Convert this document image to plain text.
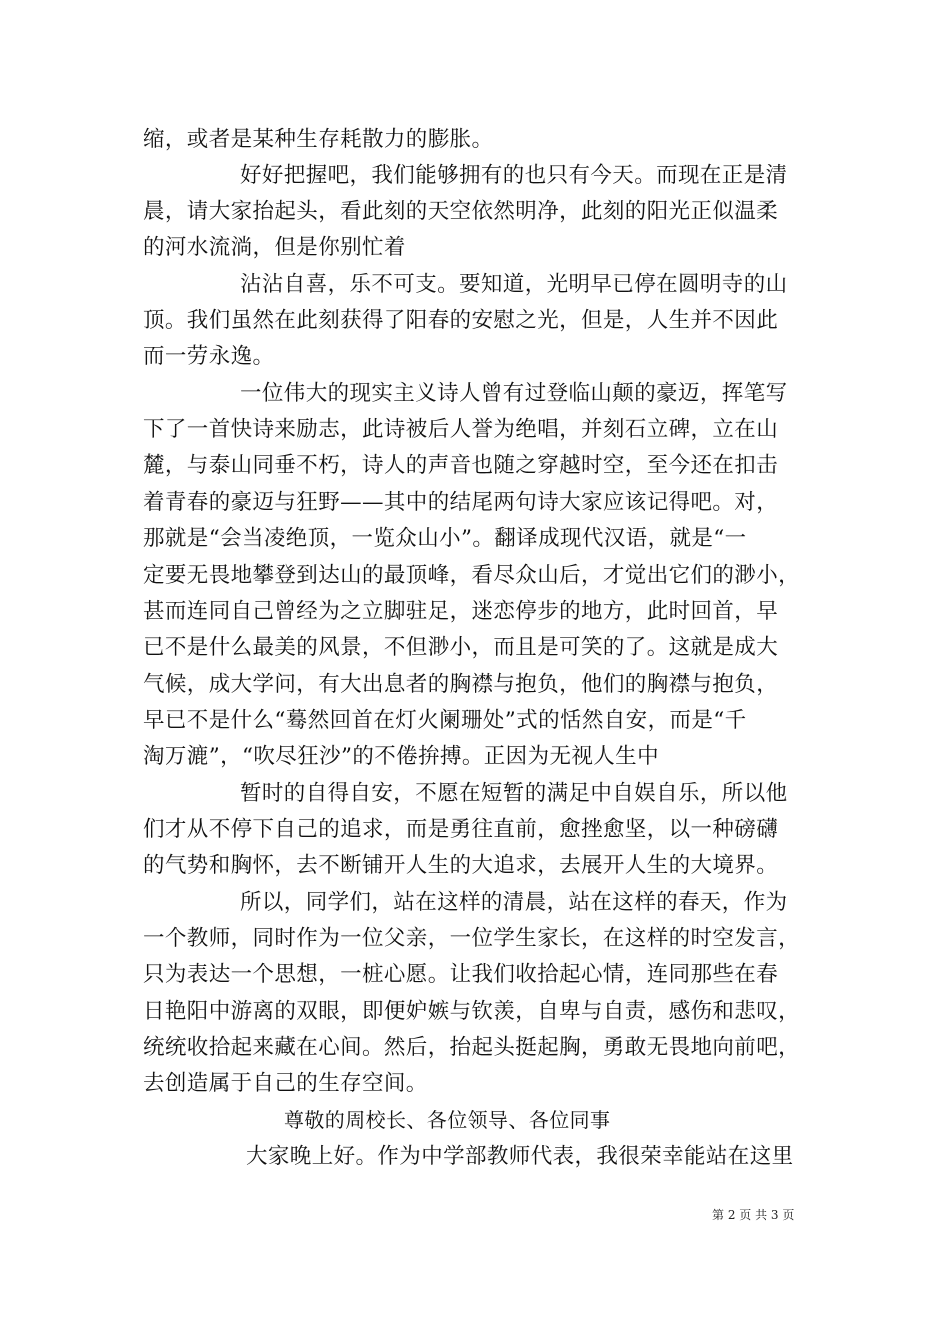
缩，或者是某种生存耗散力的膨胀。
好好把握吧，我们能够拥有的也只有今天。而现在正是清
晨，请大家抬起头，看此刻的天空依然明净，此刻的阳光正似温柔
的河水流淌，但是你别忙着
沾沾自喜，乐不可支。要知道，光明早已停在圆明寺的山
顶。我们虽然在此刻获得了阳春的安慰之光，但是，人生并不因此
而一劳永逸。
一位伟大的现实主义诗人曾有过登临山颠的豪迈，挥笔写
下了一首快诗来励志，此诗被后人誉为绝唱，并刻石立碑，立在山
麓，与泰山同垂不朽，诗人的声音也随之穿越时空，至今还在扣击
着青春的豪迈与狂野——其中的结尾两句诗大家应该记得吧。对，
那就是“会当凌绝顶，一览众山小”。翻译成现代汉语，就是“一
定要无畏地攀登到达山的最顶峰，看尽众山后，才觉出它们的渺小，
甚而连同自己曾经为之立脚驻足，迷恋停步的地方，此时回首，早
已不是什么最美的风景，不但渺小，而且是可笑的了。这就是成大
气候，成大学问，有大出息者的胸襟与抱负，他们的胸襟与抱负，
早已不是什么“蓦然回首在灯火阑珊处”式的恬然自安，而是“千
淘万漉”，“吹尽狂沙”的不倦拚搏。正因为无视人生中
暂时的自得自安，不愿在短暂的满足中自娱自乐，所以他
们才从不停下自己的追求，而是勇往直前，愈挫愈坚，以一种磅礴
的气势和胸怀，去不断铺开人生的大追求，去展开人生的大境界。
所以，同学们，站在这样的清晨，站在这样的春天，作为
一个教师，同时作为一位父亲，一位学生家长，在这样的时空发言，
只为表达一个思想，一桩心愿。让我们收拾起心情，连同那些在春
日艳阳中游离的双眼，即便妒嫉与钦羡，自卑与自责，感伤和悲叹，
统统收拾起来藏在心间。然后，抬起头挺起胸，勇敢无畏地向前吧，
去创造属于自己的生存空间。
尊敬的周校长、各位领导、各位同事
大家晚上好。作为中学部教师代表，我很荣幸能站在这里
第 2 页 共 3 页
